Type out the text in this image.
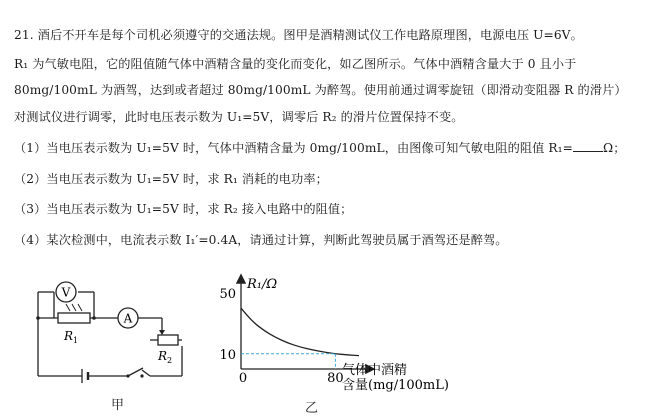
21. 酒后不开车是每个司机必须遵守的交通法规。图甲是酒精测试仪工作电路原理图，电源电压 U=6V。
R₁ 为气敏电阻，它的阻值随气体中酒精含量的变化而变化，如乙图所示。气体中酒精含量大于 0 且小于
80mg/100mL 为酒驾，达到或者超过 80mg/100mL 为醉驾。使用前通过调零旋钮（即滑动变阻器 R 的滑片）
对测试仪进行调零，此时电压表示数为 U₁=5V，调零后 R₂ 的滑片位置保持不变。
（1）当电压表示数为 U₁=5V 时，气体中酒精含量为 0mg/100mL，由图像可知气敏电阻的阻值 R₁= Ω；
（2）当电压表示数为 U₁=5V 时，求 R₁ 消耗的电功率；
（3）当电压表示数为 U₁=5V 时，求 R₂ 接入电路中的阻值；
（4）某次检测中，电流表示数 I₁′=0.4A，请通过计算，判断此驾驶员属于酒驾还是醉驾。
V
R 1
A
R 2
甲
50
10
0	80
R₁/Ω
气体中酒精
含量(mg/100mL)
乙
